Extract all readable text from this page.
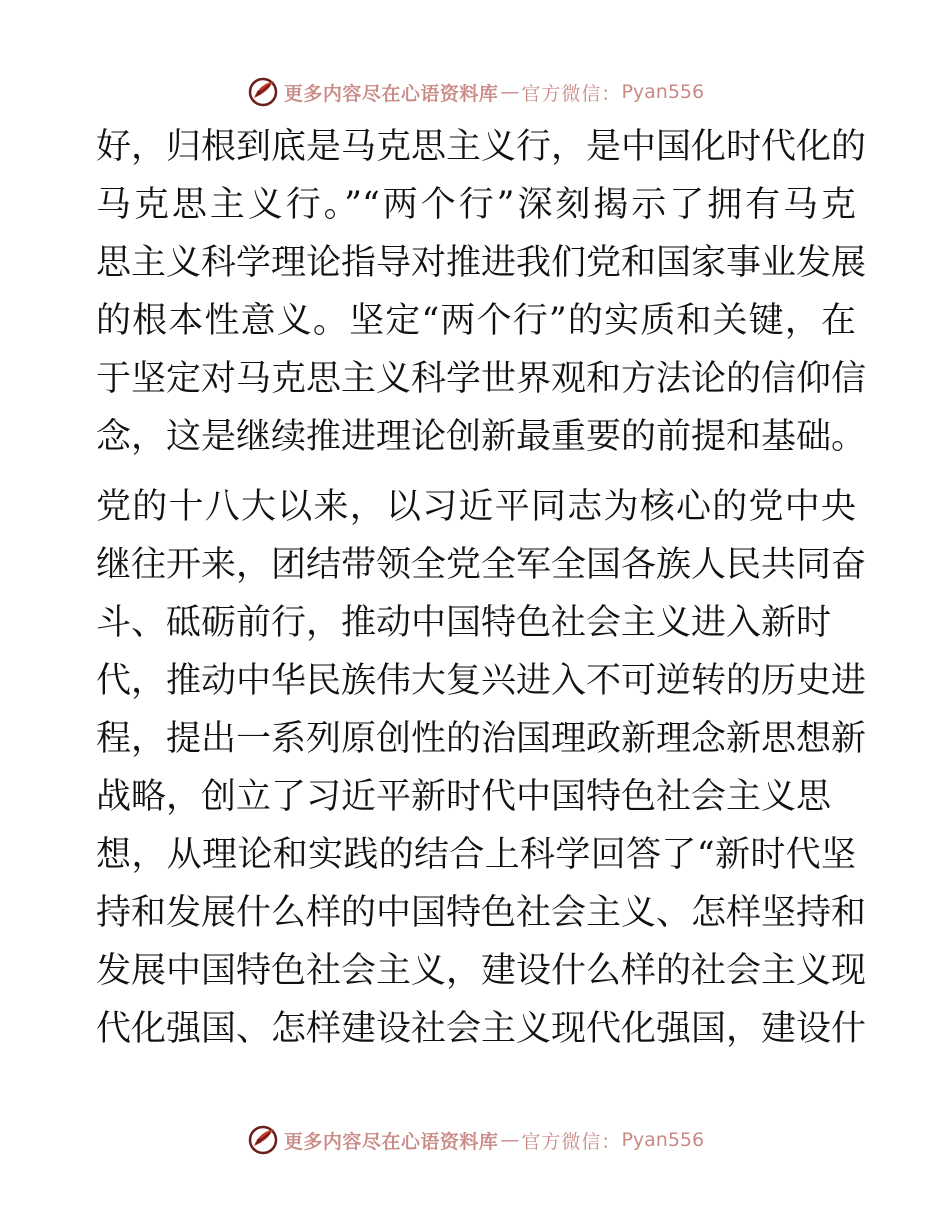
更多内容尽在心语资料库 — 官方微信： Pyan556
好，归根到底是马克思主义行，是中国化时代化的
马克思主义行。”“两个行”深刻揭示了拥有马克
思主义科学理论指导对推进我们党和国家事业发展
的根本性意义。坚定“两个行”的实质和关键，在
于坚定对马克思主义科学世界观和方法论的信仰信
念，这是继续推进理论创新最重要的前提和基础。
党的十八大以来，以习近平同志为核心的党中央
继往开来，团结带领全党全军全国各族人民共同奋
斗、砥砺前行，推动中国特色社会主义进入新时
代，推动中华民族伟大复兴进入不可逆转的历史进
程，提出一系列原创性的治国理政新理念新思想新
战略，创立了习近平新时代中国特色社会主义思
想，从理论和实践的结合上科学回答了“新时代坚
持和发展什么样的中国特色社会主义、怎样坚持和
发展中国特色社会主义，建设什么样的社会主义现
代化强国、怎样建设社会主义现代化强国，建设什
更多内容尽在心语资料库 — 官方微信： Pyan556
